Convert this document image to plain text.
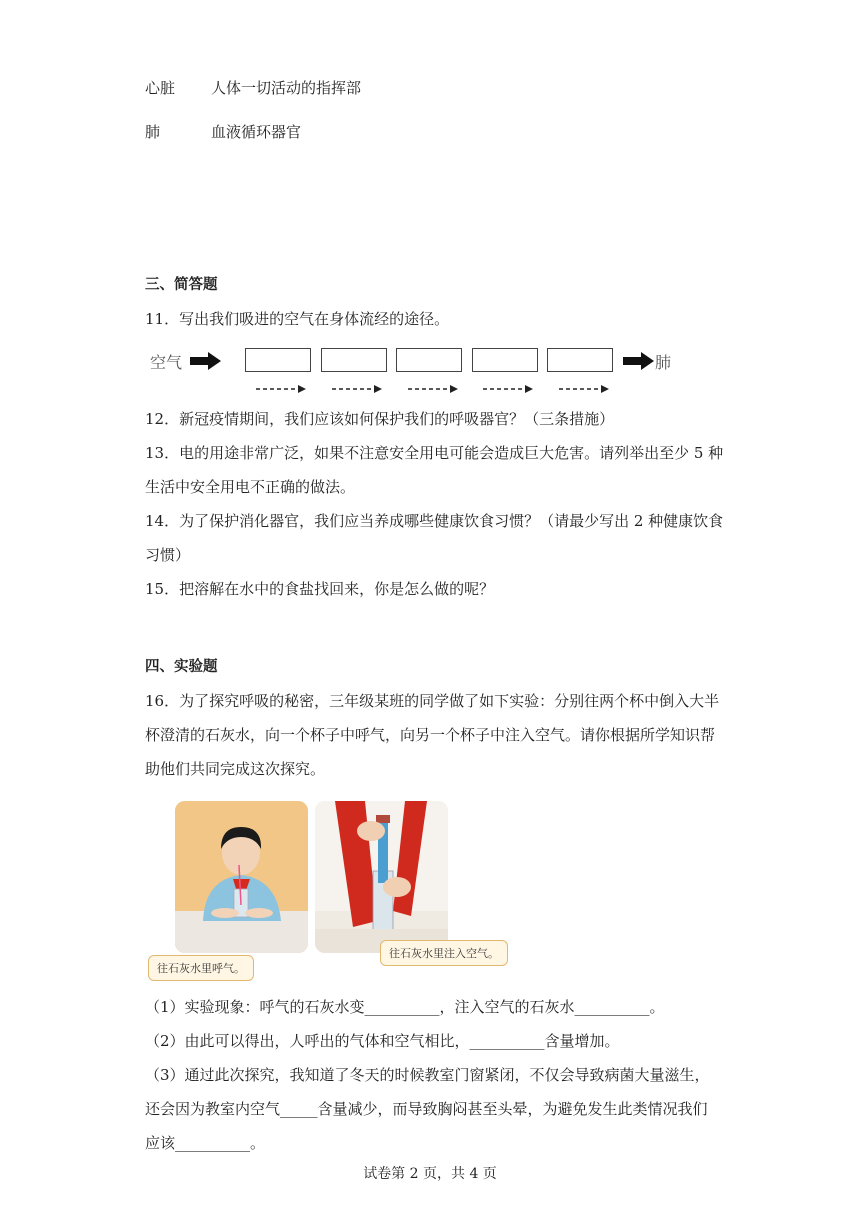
心脏 人体一切活动的指挥部
肺	血液循环器官
三、简答题
11．写出我们吸进的空气在身体流经的途径。
空气	肺
12．新冠疫情期间，我们应该如何保护我们的呼吸器官？（三条措施）
13．电的用途非常广泛，如果不注意安全用电可能会造成巨大危害。请列举出至少 5 种
生活中安全用电不正确的做法。
14．为了保护消化器官，我们应当养成哪些健康饮食习惯？（请最少写出 2 种健康饮食
习惯）
15．把溶解在水中的食盐找回来，你是怎么做的呢？
四、实验题
16．为了探究呼吸的秘密，三年级某班的同学做了如下实验：分别往两个杯中倒入大半
杯澄清的石灰水，向一个杯子中呼气，向另一个杯子中注入空气。请你根据所学知识帮
助他们共同完成这次探究。
往石灰水里呼气。
往石灰水里注入空气。
（1）实验现象：呼气的石灰水变__________，注入空气的石灰水__________。
（2）由此可以得出，人呼出的气体和空气相比，__________含量增加。
（3）通过此次探究，我知道了冬天的时候教室门窗紧闭，不仅会导致病菌大量滋生，
还会因为教室内空气_____含量减少，而导致胸闷甚至头晕，为避免发生此类情况我们
应该__________。
试卷第 2 页，共 4 页
